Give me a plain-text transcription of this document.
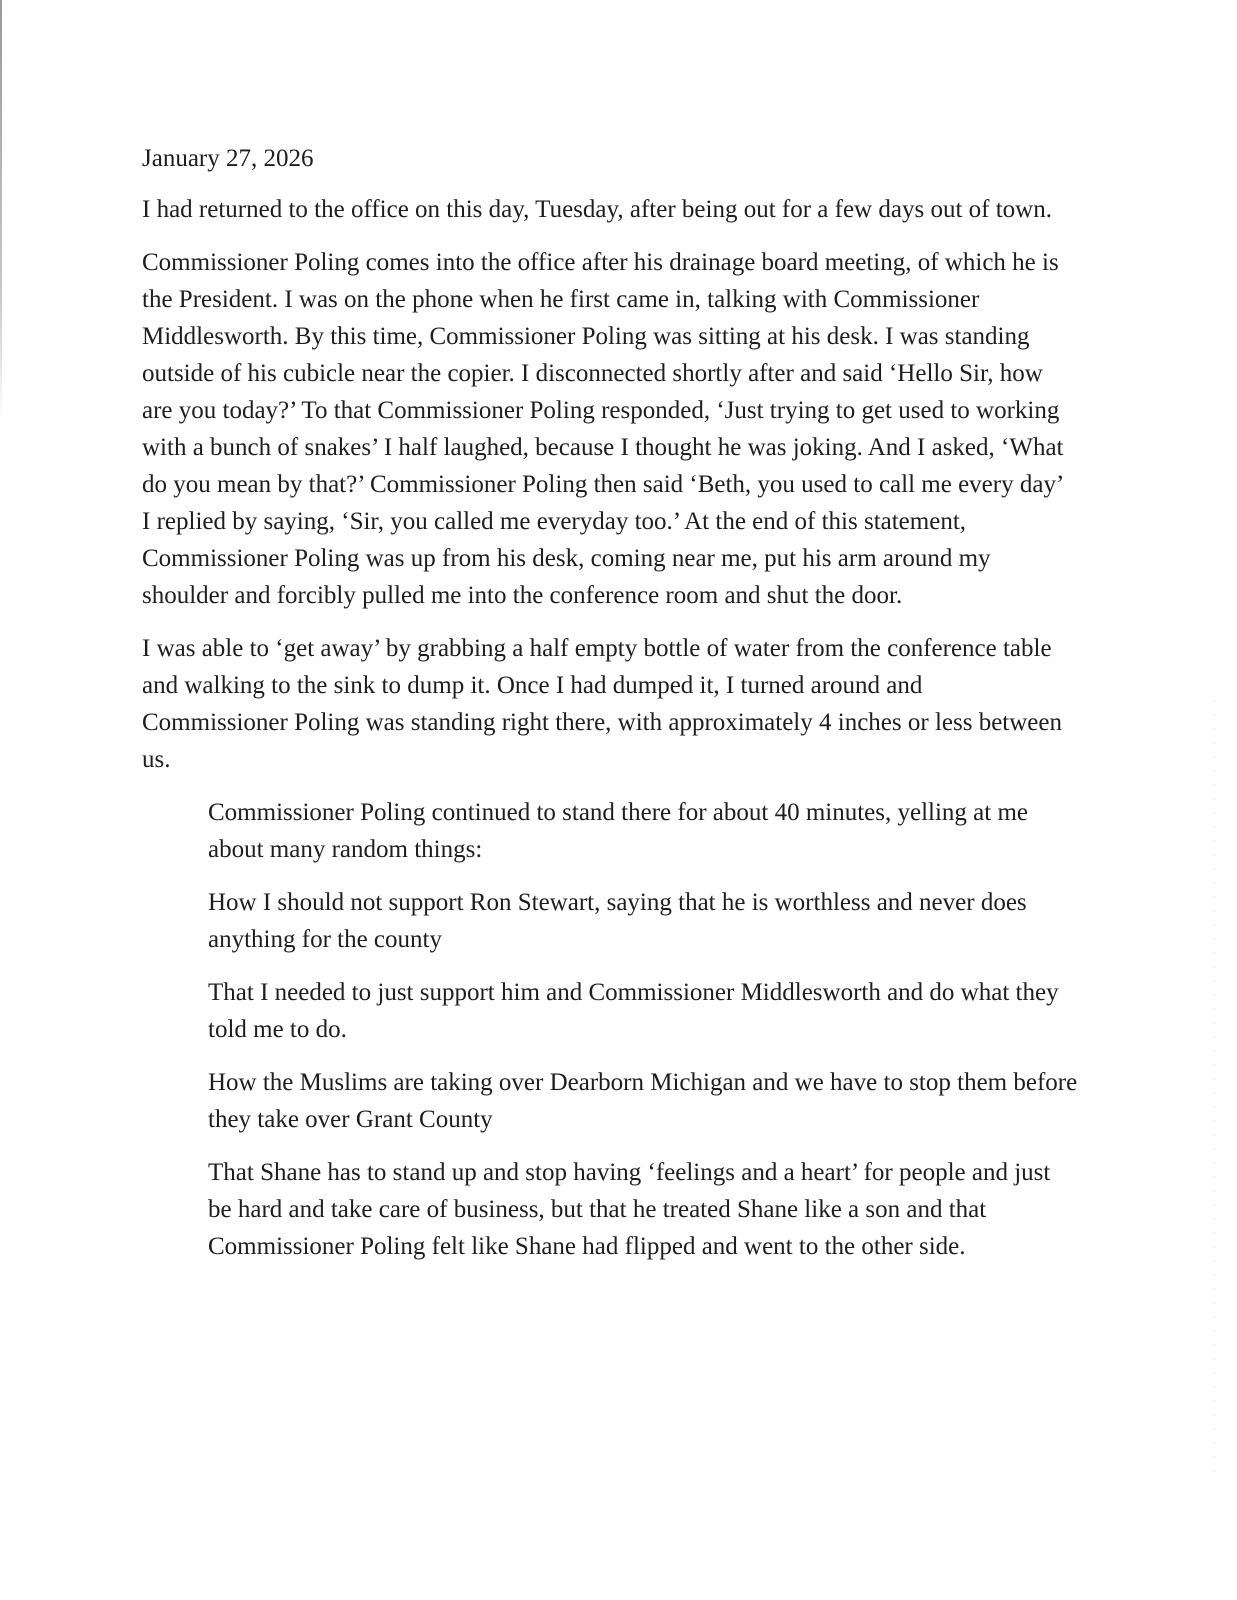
January 27, 2026

I had returned to the office on this day, Tuesday, after being out for a few days out of town.

Commissioner Poling comes into the office after his drainage board meeting, of which he is the President. I was on the phone when he first came in, talking with Commissioner Middlesworth. By this time, Commissioner Poling was sitting at his desk. I was standing outside of his cubicle near the copier. I disconnected shortly after and said ‘Hello Sir, how are you today?’ To that Commissioner Poling responded, ‘Just trying to get used to working with a bunch of snakes’ I half laughed, because I thought he was joking. And I asked, ‘What do you mean by that?’ Commissioner Poling then said ‘Beth, you used to call me every day’ I replied by saying, ‘Sir, you called me everyday too.’ At the end of this statement, Commissioner Poling was up from his desk, coming near me, put his arm around my shoulder and forcibly pulled me into the conference room and shut the door.

I was able to ‘get away’ by grabbing a half empty bottle of water from the conference table and walking to the sink to dump it. Once I had dumped it, I turned around and Commissioner Poling was standing right there, with approximately 4 inches or less between us.

Commissioner Poling continued to stand there for about 40 minutes, yelling at me about many random things:

How I should not support Ron Stewart, saying that he is worthless and never does anything for the county

That I needed to just support him and Commissioner Middlesworth and do what they told me to do.

How the Muslims are taking over Dearborn Michigan and we have to stop them before they take over Grant County

That Shane has to stand up and stop having ‘feelings and a heart’ for people and just be hard and take care of business, but that he treated Shane like a son and that Commissioner Poling felt like Shane had flipped and went to the other side.
